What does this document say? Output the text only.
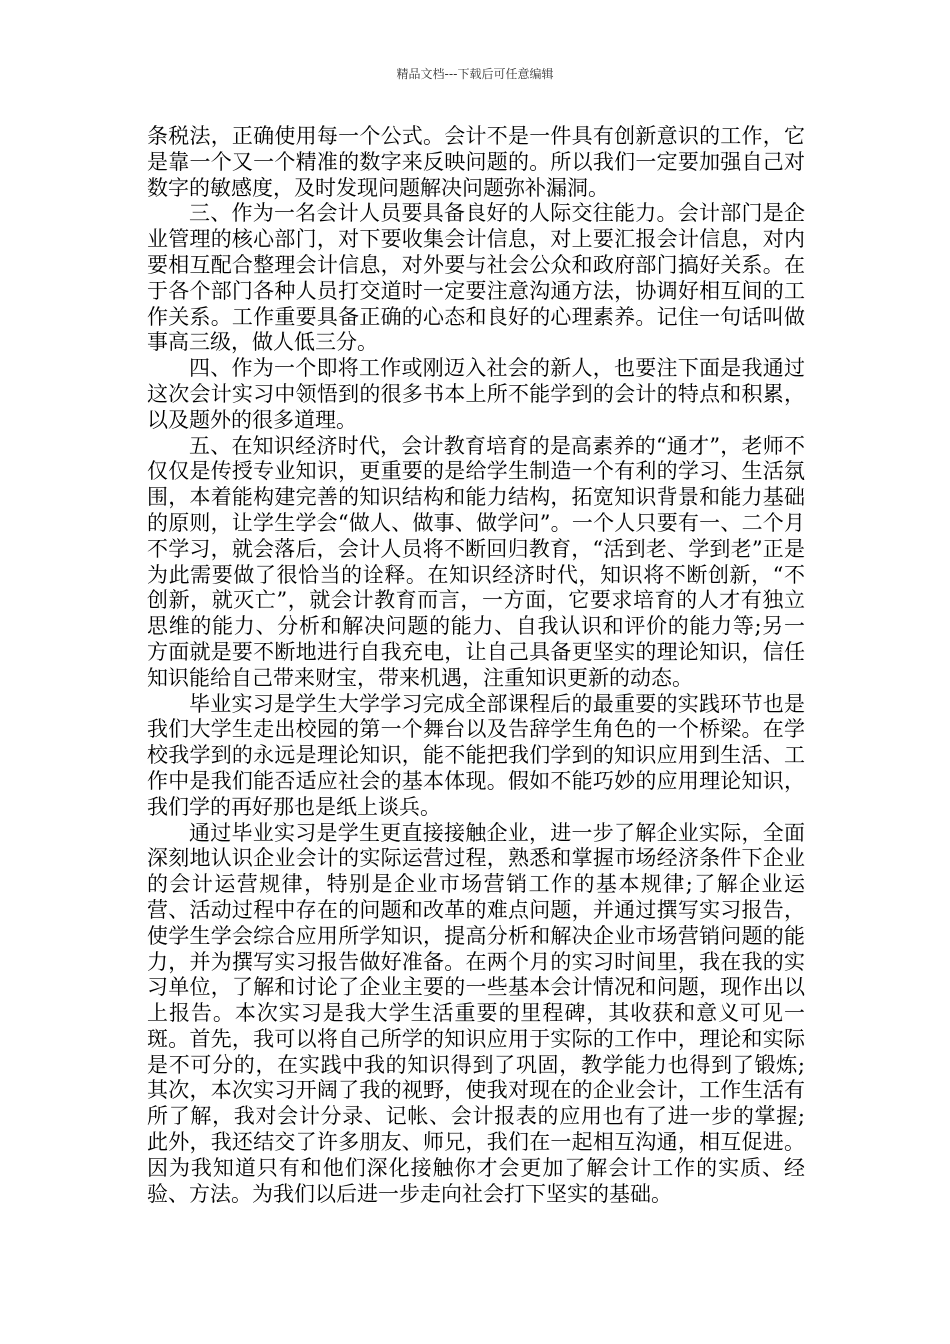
精品文档---下载后可任意编辑

条税法，正确使用每一个公式。会计不是一件具有创新意识的工作，它是靠一个又一个精准的数字来反映问题的。所以我们一定要加强自己对数字的敏感度，及时发现问题解决问题弥补漏洞。

三、作为一名会计人员要具备良好的人际交往能力。会计部门是企业管理的核心部门，对下要收集会计信息，对上要汇报会计信息，对内要相互配合整理会计信息，对外要与社会公众和政府部门搞好关系。在于各个部门各种人员打交道时一定要注意沟通方法，协调好相互间的工作关系。工作重要具备正确的心态和良好的心理素养。记住一句话叫做事高三级，做人低三分。

四、作为一个即将工作或刚迈入社会的新人，也要注下面是我通过这次会计实习中领悟到的很多书本上所不能学到的会计的特点和积累，以及题外的很多道理。

五、在知识经济时代，会计教育培育的是高素养的“通才”，老师不仅仅是传授专业知识，更重要的是给学生制造一个有利的学习、生活氛围，本着能构建完善的知识结构和能力结构，拓宽知识背景和能力基础的原则，让学生学会“做人、做事、做学问”。一个人只要有一、二个月不学习，就会落后，会计人员将不断回归教育，“活到老、学到老”正是为此需要做了很恰当的诠释。在知识经济时代，知识将不断创新，“不创新，就灭亡”，就会计教育而言，一方面，它要求培育的人才有独立思维的能力、分析和解决问题的能力、自我认识和评价的能力等;另一方面就是要不断地进行自我充电，让自己具备更坚实的理论知识，信任知识能给自己带来财宝，带来机遇，注重知识更新的动态。

毕业实习是学生大学学习完成全部课程后的最重要的实践环节也是我们大学生走出校园的第一个舞台以及告辞学生角色的一个桥梁。在学校我学到的永远是理论知识，能不能把我们学到的知识应用到生活、工作中是我们能否适应社会的基本体现。假如不能巧妙的应用理论知识，我们学的再好那也是纸上谈兵。

通过毕业实习是学生更直接接触企业，进一步了解企业实际，全面深刻地认识企业会计的实际运营过程，熟悉和掌握市场经济条件下企业的会计运营规律，特别是企业市场营销工作的基本规律;了解企业运营、活动过程中存在的问题和改革的难点问题，并通过撰写实习报告，使学生学会综合应用所学知识，提高分析和解决企业市场营销问题的能力，并为撰写实习报告做好准备。在两个月的实习时间里，我在我的实习单位，了解和讨论了企业主要的一些基本会计情况和问题，现作出以上报告。本次实习是我大学生活重要的里程碑，其收获和意义可见一斑。首先，我可以将自己所学的知识应用于实际的工作中，理论和实际是不可分的，在实践中我的知识得到了巩固，教学能力也得到了锻炼;其次，本次实习开阔了我的视野，使我对现在的企业会计，工作生活有所了解，我对会计分录、记帐、会计报表的应用也有了进一步的掌握;此外，我还结交了许多朋友、师兄，我们在一起相互沟通，相互促进。因为我知道只有和他们深化接触你才会更加了解会计工作的实质、经验、方法。为我们以后进一步走向社会打下坚实的基础。
